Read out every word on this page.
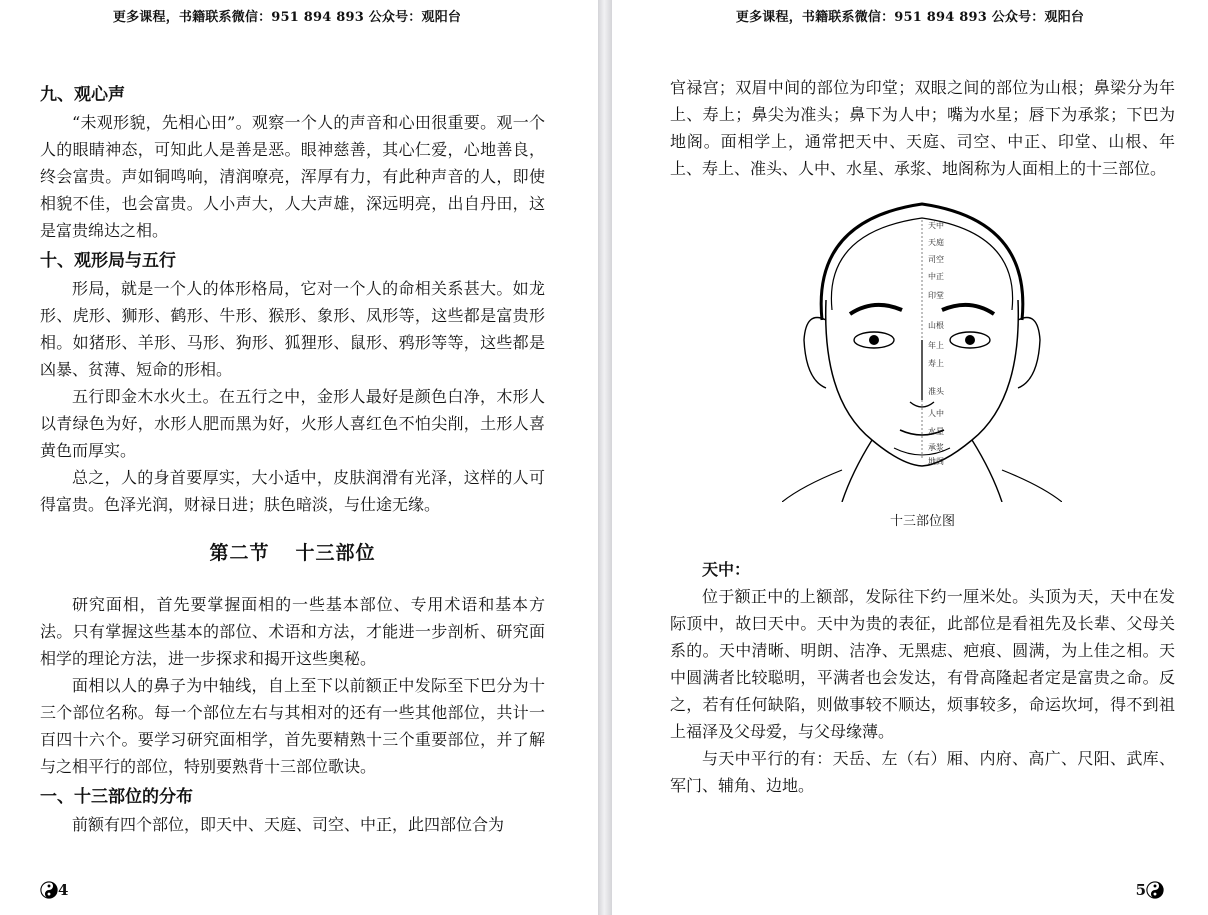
更多课程，书籍联系微信：951 894 893 公众号：观阳台
九、观心声

“未观形貌，先相心田”。观察一个人的声音和心田很重要。观一个人的眼睛神态，可知此人是善是恶。眼神慈善，其心仁爱，心地善良，终会富贵。声如铜鸣响，清润嘹亮，浑厚有力，有此种声音的人，即使相貌不佳，也会富贵。人小声大，人大声雄，深远明亮，出自丹田，这是富贵绵达之相。

十、观形局与五行

形局，就是一个人的体形格局，它对一个人的命相关系甚大。如龙形、虎形、狮形、鹤形、牛形、猴形、象形、凤形等，这些都是富贵形相。如猪形、羊形、马形、狗形、狐狸形、鼠形、鸦形等等，这些都是凶暴、贫薄、短命的形相。

五行即金木水火土。在五行之中，金形人最好是颜色白净，木形人以青绿色为好，水形人肥而黑为好，火形人喜红色不怕尖削，土形人喜黄色而厚实。

总之，人的身首要厚实，大小适中，皮肤润滑有光泽，这样的人可得富贵。色泽光润，财禄日进；肤色暗淡，与仕途无缘。

第二节 十三部位

研究面相，首先要掌握面相的一些基本部位、专用术语和基本方法。只有掌握这些基本的部位、术语和方法，才能进一步剖析、研究面相学的理论方法，进一步探求和揭开这些奥秘。

面相以人的鼻子为中轴线，自上至下以前额正中发际至下巴分为十三个部位名称。每一个部位左右与其相对的还有一些其他部位，共计一百四十六个。要学习研究面相学，首先要精熟十三个重要部位，并了解与之相平行的部位，特别要熟背十三部位歌诀。

一、十三部位的分布

前额有四个部位，即天中、天庭、司空、中正，此四部位合为

4
更多课程，书籍联系微信：951 894 893 公众号：观阳台

官禄宫；双眉中间的部位为印堂；双眼之间的部位为山根；鼻梁分为年上、寿上；鼻尖为准头；鼻下为人中；嘴为水星；唇下为承浆；下巴为地阁。面相学上，通常把天中、天庭、司空、中正、印堂、山根、年上、寿上、准头、人中、水星、承浆、地阁称为人面相上的十三部位。

天中
天庭
司空
中正
印堂
山根
年上
寿上
准头
人中
水星
承浆
地阁
十三部位图
天中：

位于额正中的上额部，发际往下约一厘米处。头顶为天，天中在发际顶中，故曰天中。天中为贵的表征，此部位是看祖先及长辈、父母关系的。天中清晰、明朗、洁净、无黑痣、疤痕、圆满，为上佳之相。天中圆满者比较聪明，平满者也会发达，有骨高隆起者定是富贵之命。反之，若有任何缺陷，则做事较不顺达，烦事较多，命运坎坷，得不到祖上福泽及父母爱，与父母缘薄。

与天中平行的有：天岳、左（右）厢、内府、高广、尺阳、武库、军门、辅角、边地。

5
